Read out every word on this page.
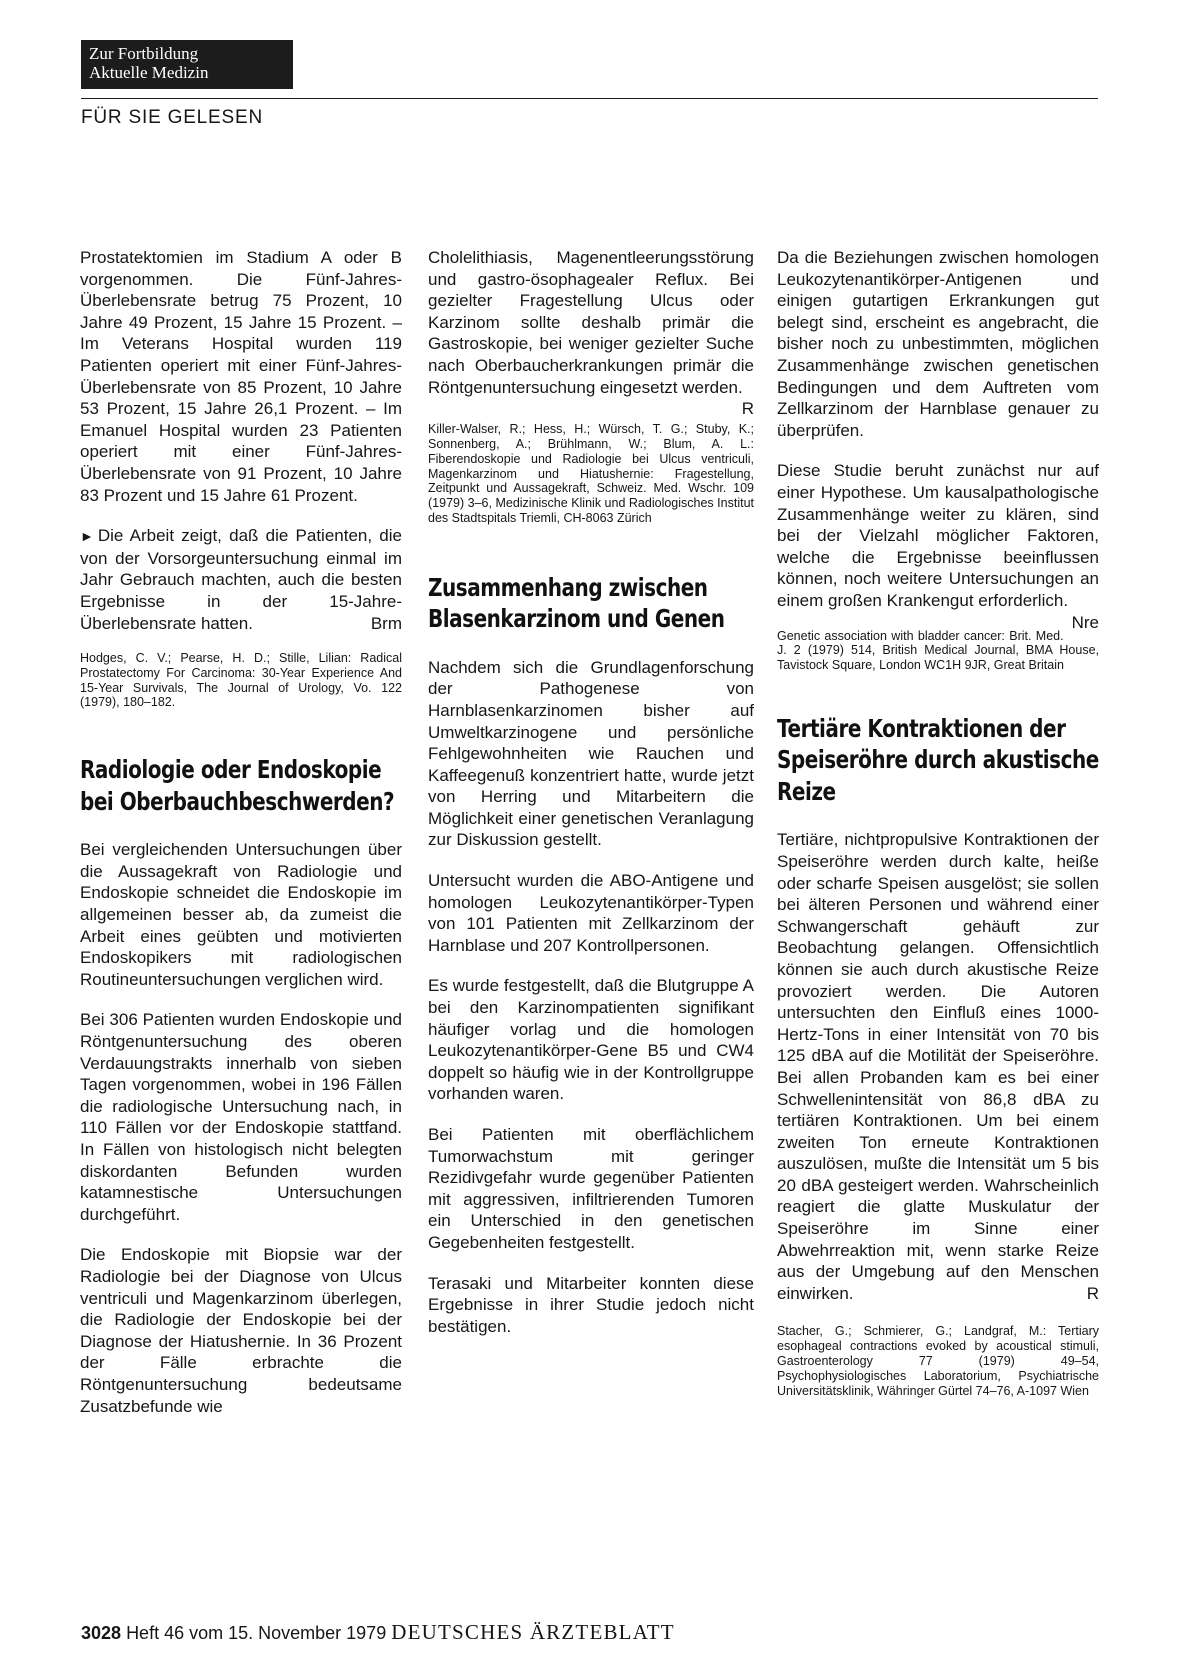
Zur Fortbildung
Aktuelle Medizin
FÜR SIE GELESEN

Prostatektomien im Stadium A oder B vorgenommen. Die Fünf-Jahres-Überlebensrate betrug 75 Prozent, 10 Jahre 49 Prozent, 15 Jahre 15 Prozent. – Im Veterans Hospital wurden 119 Patienten operiert mit einer Fünf-Jahres-Überlebensrate von 85 Prozent, 10 Jahre 53 Prozent, 15 Jahre 26,1 Prozent. – Im Emanuel Hospital wurden 23 Patienten operiert mit einer Fünf-Jahres-Überlebensrate von 91 Prozent, 10 Jahre 83 Prozent und 15 Jahre 61 Prozent.

► Die Arbeit zeigt, daß die Patienten, die von der Vorsorgeuntersuchung einmal im Jahr Gebrauch machten, auch die besten Ergebnisse in der 15-Jahre-Überlebensrate hatten.	Brm

Hodges, C. V.; Pearse, H. D.; Stille, Lilian: Radical Prostatectomy For Carcinoma: 30-Year Experience And 15-Year Survivals, The Journal of Urology, Vo. 122 (1979), 180–182.

Radiologie oder Endoskopie bei Oberbauchbeschwerden?

Bei vergleichenden Untersuchungen über die Aussagekraft von Radiologie und Endoskopie schneidet die Endoskopie im allgemeinen besser ab, da zumeist die Arbeit eines geübten und motivierten Endoskopikers mit radiologischen Routineuntersuchungen verglichen wird.

Bei 306 Patienten wurden Endoskopie und Röntgenuntersuchung des oberen Verdauungstrakts innerhalb von sieben Tagen vorgenommen, wobei in 196 Fällen die radiologische Untersuchung nach, in 110 Fällen vor der Endoskopie stattfand. In Fällen von histologisch nicht belegten diskordanten Befunden wurden katamnestische Untersuchungen durchgeführt.

Die Endoskopie mit Biopsie war der Radiologie bei der Diagnose von Ulcus ventriculi und Magenkarzinom überlegen, die Radiologie der Endoskopie bei der Diagnose der Hiatushernie. In 36 Prozent der Fälle erbrachte die Röntgenuntersuchung bedeutsame Zusatzbefunde wie

Cholelithiasis, Magenentleerungsstörung und gastro-ösophagealer Reflux. Bei gezielter Fragestellung Ulcus oder Karzinom sollte deshalb primär die Gastroskopie, bei weniger gezielter Suche nach Oberbaucherkrankungen primär die Röntgenuntersuchung eingesetzt werden.
R

Killer-Walser, R.; Hess, H.; Würsch, T. G.; Stuby, K.; Sonnenberg, A.; Brühlmann, W.; Blum, A. L.: Fiberendoskopie und Radiologie bei Ulcus ventriculi, Magenkarzinom und Hiatushernie: Fragestellung, Zeitpunkt und Aussagekraft, Schweiz. Med. Wschr. 109 (1979) 3–6, Medizinische Klinik und Radiologisches Institut des Stadtspitals Triemli, CH-8063 Zürich

Zusammenhang zwischen Blasenkarzinom und Genen

Nachdem sich die Grundlagenforschung der Pathogenese von Harnblasenkarzinomen bisher auf Umweltkarzinogene und persönliche Fehlgewohnheiten wie Rauchen und Kaffeegenuß konzentriert hatte, wurde jetzt von Herring und Mitarbeitern die Möglichkeit einer genetischen Veranlagung zur Diskussion gestellt.

Untersucht wurden die ABO-Antigene und homologen Leukozytenantikörper-Typen von 101 Patienten mit Zellkarzinom der Harnblase und 207 Kontrollpersonen.

Es wurde festgestellt, daß die Blutgruppe A bei den Karzinompatienten signifikant häufiger vorlag und die homologen Leukozytenantikörper-Gene B5 und CW4 doppelt so häufig wie in der Kontrollgruppe vorhanden waren.

Bei Patienten mit oberflächlichem Tumorwachstum mit geringer Rezidivgefahr wurde gegenüber Patienten mit aggressiven, infiltrierenden Tumoren ein Unterschied in den genetischen Gegebenheiten festgestellt.

Terasaki und Mitarbeiter konnten diese Ergebnisse in ihrer Studie jedoch nicht bestätigen.

Da die Beziehungen zwischen homologen Leukozytenantikörper-Antigenen und einigen gutartigen Erkrankungen gut belegt sind, erscheint es angebracht, die bisher noch zu unbestimmten, möglichen Zusammenhänge zwischen genetischen Bedingungen und dem Auftreten vom Zellkarzinom der Harnblase genauer zu überprüfen.

Diese Studie beruht zunächst nur auf einer Hypothese. Um kausalpathologische Zusammenhänge weiter zu klären, sind bei der Vielzahl möglicher Faktoren, welche die Ergebnisse beeinflussen können, noch weitere Untersuchungen an einem großen Krankengut erforderlich.
Nre

Genetic association with bladder cancer: Brit. Med. J. 2 (1979) 514, British Medical Journal, BMA House, Tavistock Square, London WC1H 9JR, Great Britain

Tertiäre Kontraktionen der Speiseröhre durch akustische Reize

Tertiäre, nichtpropulsive Kontraktionen der Speiseröhre werden durch kalte, heiße oder scharfe Speisen ausgelöst; sie sollen bei älteren Personen und während einer Schwangerschaft gehäuft zur Beobachtung gelangen. Offensichtlich können sie auch durch akustische Reize provoziert werden. Die Autoren untersuchten den Einfluß eines 1000-Hertz-Tons in einer Intensität von 70 bis 125 dBA auf die Motilität der Speiseröhre. Bei allen Probanden kam es bei einer Schwellenintensität von 86,8 dBA zu tertiären Kontraktionen. Um bei einem zweiten Ton erneute Kontraktionen auszulösen, mußte die Intensität um 5 bis 20 dBA gesteigert werden. Wahrscheinlich reagiert die glatte Muskulatur der Speiseröhre im Sinne einer Abwehrreaktion mit, wenn starke Reize aus der Umgebung auf den Menschen einwirken.	R

Stacher, G.; Schmierer, G.; Landgraf, M.: Tertiary esophageal contractions evoked by acoustical stimuli, Gastroenterology 77 (1979) 49–54, Psychophysiologisches Laboratorium, Psychiatrische Universitätsklinik, Währinger Gürtel 74–76, A-1097 Wien

3028 Heft 46 vom 15. November 1979 DEUTSCHES ÄRZTEBLATT
